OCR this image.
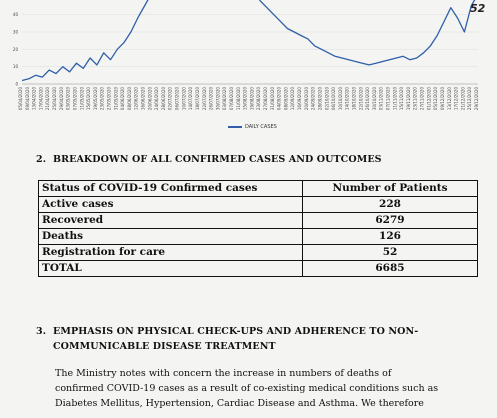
0
10
20
30
40
05/04/2020 09/04/2020 13/04/2020 17/04/2020 21/04/2020 25/04/2020 29/04/2020 03/05/2020 07/05/2020 11/05/2020 15/05/2020 19/05/2020 23/05/2020 27/05/2020 31/05/2020 04/06/2020 08/06/2020 12/06/2020 16/06/2020 20/06/2020 24/06/2020 28/06/2020 02/07/2020 06/07/2020 10/07/2020 14/07/2020 18/07/2020 22/07/2020 26/07/2020 30/07/2020 03/08/2020 07/08/2020 11/08/2020 15/08/2020 19/08/2020 23/08/2020 27/08/2020 31/08/2020 04/09/2020 08/09/2020 12/09/2020 16/09/2020 20/09/2020 24/09/2020 28/09/2020 02/10/2020 06/10/2020 10/10/2020 14/10/2020 18/10/2020 22/10/2020 26/10/2020 30/10/2020 03/11/2020 07/11/2020 11/11/2020 15/11/2020 19/11/2020 23/11/2020 27/11/2020 01/12/2020 05/12/2020 09/12/2020 13/12/2020 17/12/2020 21/12/2020 25/12/2020 29/12/2020
52
DAILY CASES
2. BREAKDOWN OF ALL CONFIRMED CASES AND OUTCOMES
Status of COVID-19 Confirmed cases	Number of Patients
Active cases	228
Recovered	6279
Deaths	126
Registration for care	52
TOTAL	6685
3. EMPHASIS ON PHYSICAL CHECK-UPS AND ADHERENCE TO NON-
COMMUNICABLE DISEASE TREATMENT
The Ministry notes with concern the increase in numbers of deaths of
confirmed COVID-19 cases as a result of co-existing medical conditions such as
Diabetes Mellitus, Hypertension, Cardiac Disease and Asthma. We therefore
